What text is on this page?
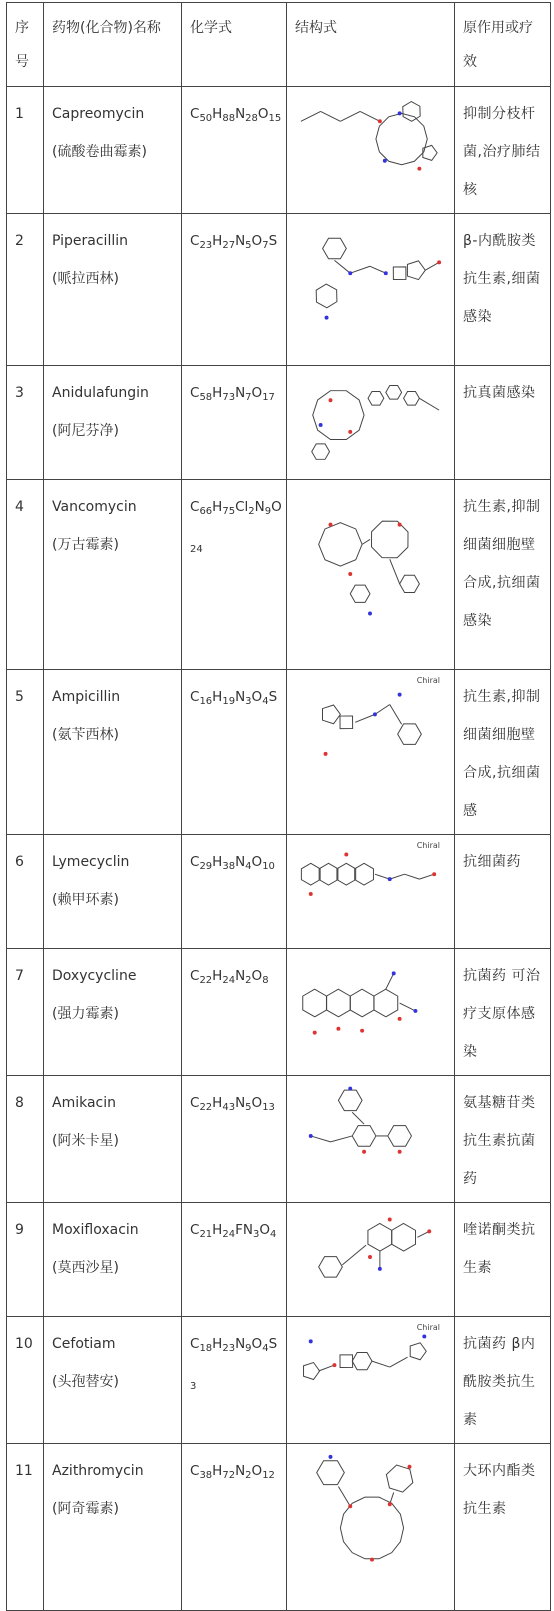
序号	药物(化合物)名称	化学式	结构式	原作用或疗效

1	Capreomycin
(硫酸卷曲霉素)	$C_{50}H_{88}N_{28}O_{15}$		抑制分枝杆菌,治疗肺结核

2	Piperacillin
(哌拉西林)	$C_{23}H_{27}N_5O_7S$		β-内酰胺类抗生素,细菌感染

3	Anidulafungin
(阿尼芬净)	$C_{58}H_{73}N_7O_{17}$		抗真菌感染

4	Vancomycin
(万古霉素)	$C_{66}H_{75}Cl_2N_9O_{24}$		抗生素,抑制细菌细胞壁合成,抗细菌感染

5	Ampicillin
(氨苄西林)	$C_{16}H_{19}N_3O_4S$	Chiral	抗生素,抑制细菌细胞壁合成,抗细菌感

6	Lymecyclin
(赖甲环素)	$C_{29}H_{38}N_4O_{10}$	Chiral	抗细菌药

7	Doxycycline
(强力霉素)	$C_{22}H_{24}N_2O_8$		抗菌药 可治疗支原体感染

8	Amikacin
(阿米卡星)	$C_{22}H_{43}N_5O_{13}$		氨基糖苷类抗生素抗菌药

9	Moxifloxacin
(莫西沙星)	$C_{21}H_{24}FN_3O_4$		喹诺酮类抗生素

10	Cefotiam
(头孢替安)	$C_{18}H_{23}N_9O_4S_3$	Chiral	抗菌药 β内酰胺类抗生素

11	Azithromycin
(阿奇霉素)	$C_{38}H_{72}N_2O_{12}$		大环内酯类抗生素
